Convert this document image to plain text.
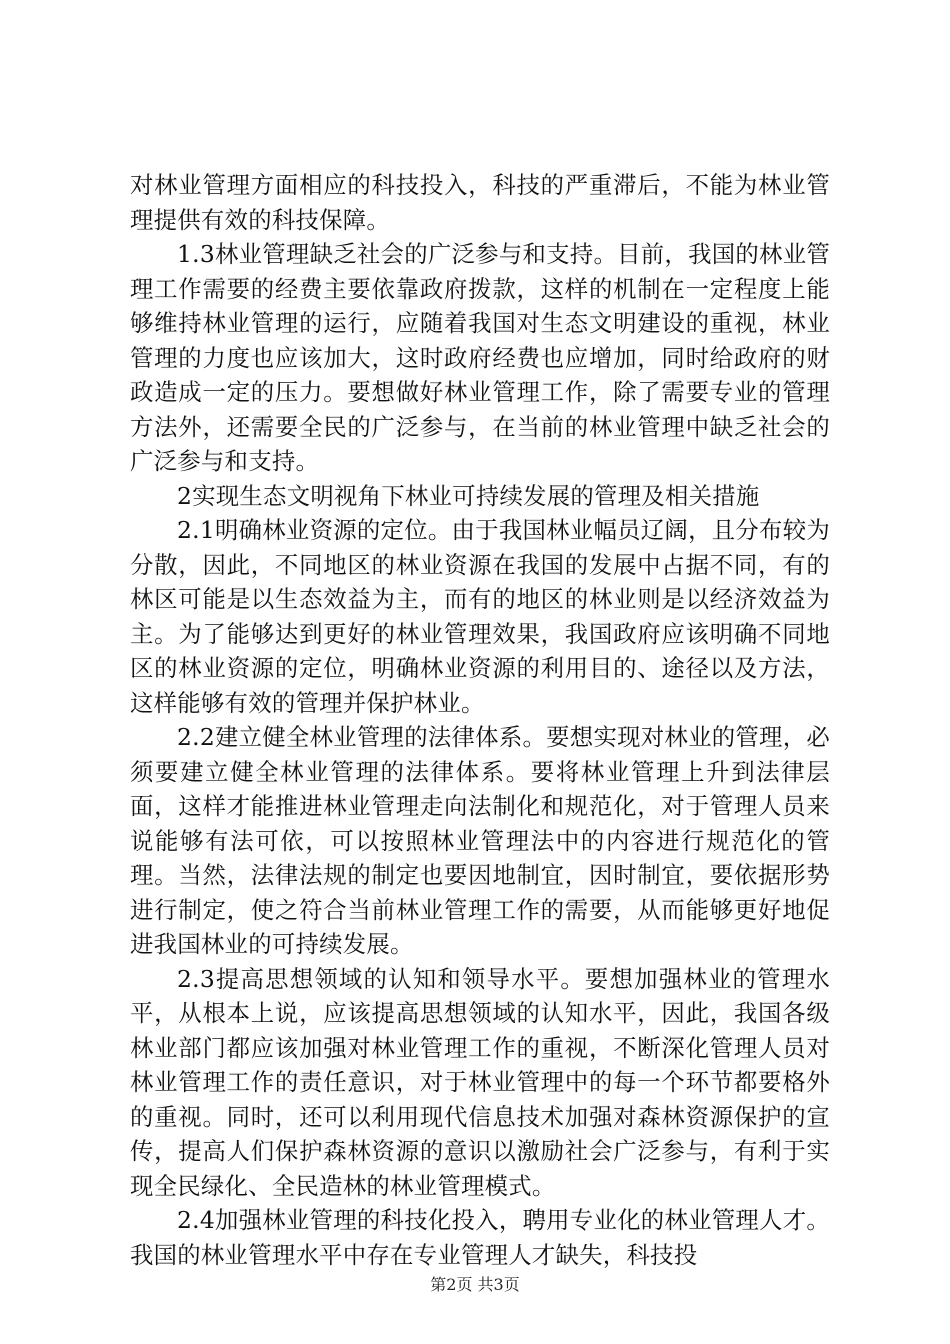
对林业管理方面相应的科技投入，科技的严重滞后，不能为林业管理提供有效的科技保障。

1.3林业管理缺乏社会的广泛参与和支持。目前，我国的林业管理工作需要的经费主要依靠政府拨款，这样的机制在一定程度上能够维持林业管理的运行，应随着我国对生态文明建设的重视，林业管理的力度也应该加大，这时政府经费也应增加，同时给政府的财政造成一定的压力。要想做好林业管理工作，除了需要专业的管理方法外，还需要全民的广泛参与，在当前的林业管理中缺乏社会的广泛参与和支持。

2实现生态文明视角下林业可持续发展的管理及相关措施

2.1明确林业资源的定位。由于我国林业幅员辽阔，且分布较为分散，因此，不同地区的林业资源在我国的发展中占据不同，有的林区可能是以生态效益为主，而有的地区的林业则是以经济效益为主。为了能够达到更好的林业管理效果，我国政府应该明确不同地区的林业资源的定位，明确林业资源的利用目的、途径以及方法，这样能够有效的管理并保护林业。

2.2建立健全林业管理的法律体系。要想实现对林业的管理，必须要建立健全林业管理的法律体系。要将林业管理上升到法律层面，这样才能推进林业管理走向法制化和规范化，对于管理人员来说能够有法可依，可以按照林业管理法中的内容进行规范化的管理。当然，法律法规的制定也要因地制宜，因时制宜，要依据形势进行制定，使之符合当前林业管理工作的需要，从而能够更好地促进我国林业的可持续发展。

2.3提高思想领域的认知和领导水平。要想加强林业的管理水平，从根本上说，应该提高思想领域的认知水平，因此，我国各级林业部门都应该加强对林业管理工作的重视，不断深化管理人员对林业管理工作的责任意识，对于林业管理中的每一个环节都要格外的重视。同时，还可以利用现代信息技术加强对森林资源保护的宣传，提高人们保护森林资源的意识以激励社会广泛参与，有利于实现全民绿化、全民造林的林业管理模式。

2.4加强林业管理的科技化投入，聘用专业化的林业管理人才。我国的林业管理水平中存在专业管理人才缺失，科技投

第2页 共3页
